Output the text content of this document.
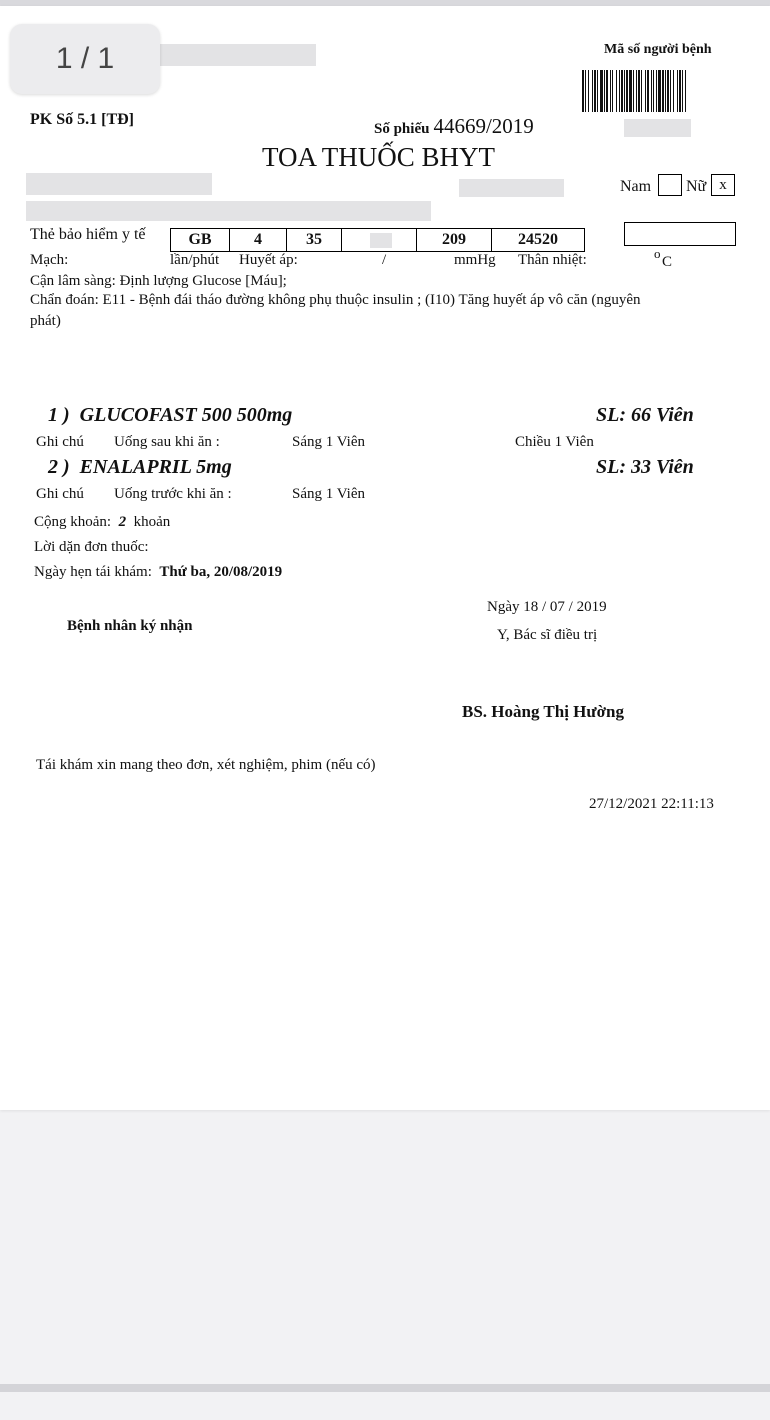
Mã số người bệnh
PK Số 5.1 [TĐ]
Số phiếu 44669/2019
TOA THUỐC BHYT
Nam Nữ x
Thẻ bảo hiểm y tế	GB	4	35		209	24520
Mạch:	lần/phút Huyết áp:	/	mmHg Thân nhiệt:	o
C
Cận lâm sàng: Định lượng Glucose [Máu];
Chẩn đoán: E11 - Bệnh đái tháo đường không phụ thuộc insulin ; (I10) Tăng huyết áp vô căn (nguyên
phát)
1 ) GLUCOFAST 500 500mg	SL: 66 Viên
Ghi chú Uống sau khi ăn :	Sáng 1 Viên	Chiều 1 Viên
2 ) ENALAPRIL 5mg	SL: 33 Viên
Ghi chú Uống trước khi ăn :	Sáng 1 Viên
Cộng khoản: 2 khoản
Lời dặn đơn thuốc:
Ngày hẹn tái khám: Thứ ba, 20/08/2019
Ngày 18 / 07 / 2019
Bệnh nhân ký nhận
Y, Bác sĩ điều trị
BS. Hoàng Thị Hường
Tái khám xin mang theo đơn, xét nghiệm, phim (nếu có)
27/12/2021 22:11:13
1 / 1
